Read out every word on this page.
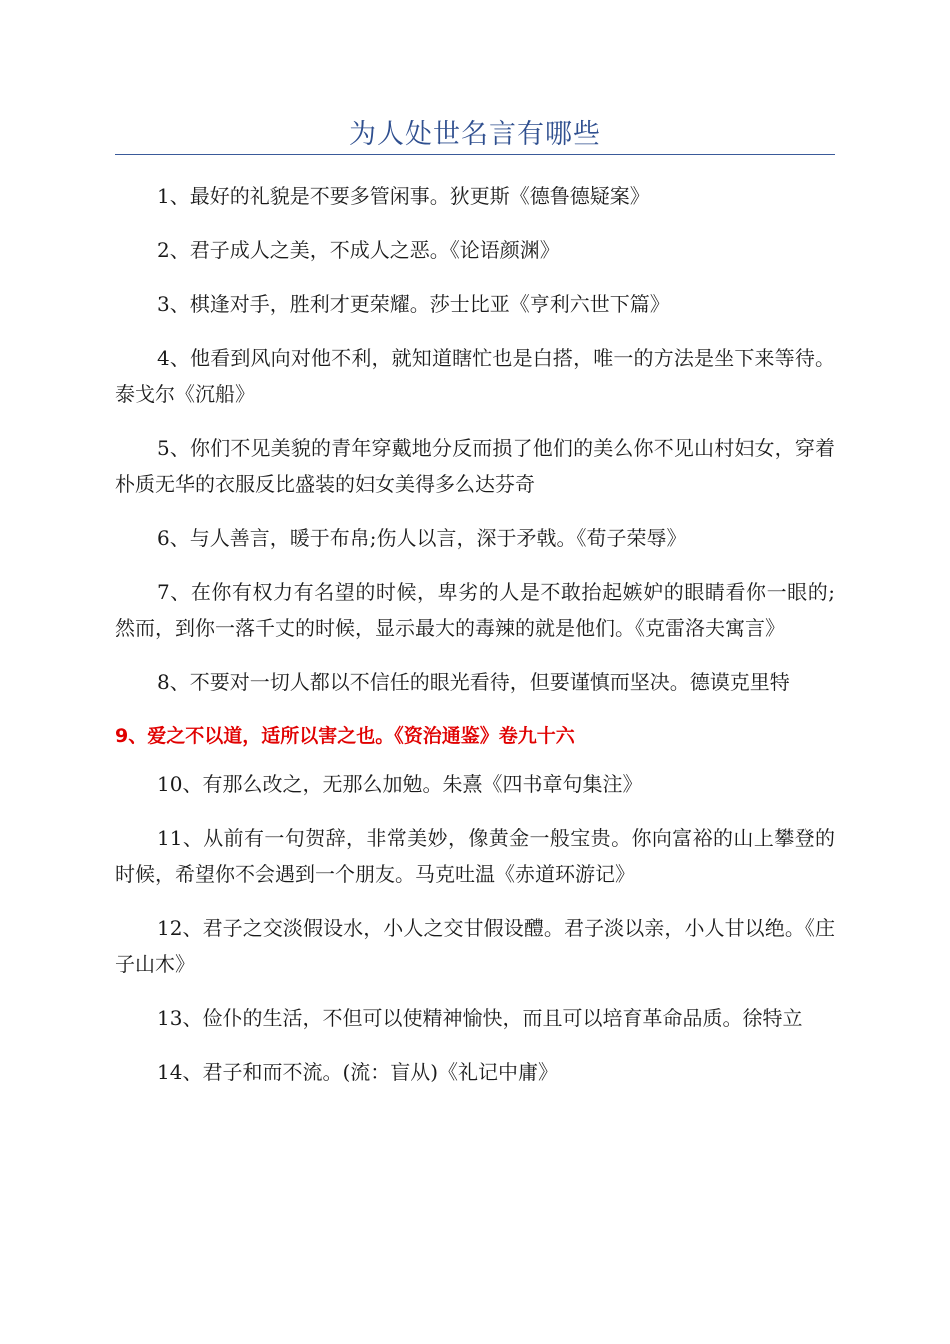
为人处世名言有哪些

1、最好的礼貌是不要多管闲事。狄更斯《德鲁德疑案》

2、君子成人之美，不成人之恶。《论语颜渊》

3、棋逢对手，胜利才更荣耀。莎士比亚《亨利六世下篇》

4、他看到风向对他不利，就知道瞎忙也是白搭，唯一的方法是坐下来等待。泰戈尔《沉船》

5、你们不见美貌的青年穿戴地分反而损了他们的美么你不见山村妇女，穿着朴质无华的衣服反比盛装的妇女美得多么达芬奇

6、与人善言，暖于布帛;伤人以言，深于矛戟。《荀子荣辱》

7、在你有权力有名望的时候，卑劣的人是不敢抬起嫉妒的眼睛看你一眼的;然而，到你一落千丈的时候，显示最大的毒辣的就是他们。《克雷洛夫寓言》

8、不要对一切人都以不信任的眼光看待，但要谨慎而坚决。德谟克里特

9、爱之不以道，适所以害之也。《资治通鉴》卷九十六

10、有那么改之，无那么加勉。朱熹《四书章句集注》

11、从前有一句贺辞，非常美妙，像黄金一般宝贵。你向富裕的山上攀登的时候，希望你不会遇到一个朋友。马克吐温《赤道环游记》

12、君子之交淡假设水，小人之交甘假设醴。君子淡以亲，小人甘以绝。《庄子山木》

13、俭仆的生活，不但可以使精神愉快，而且可以培育革命品质。徐特立

14、君子和而不流。(流：盲从)《礼记中庸》
